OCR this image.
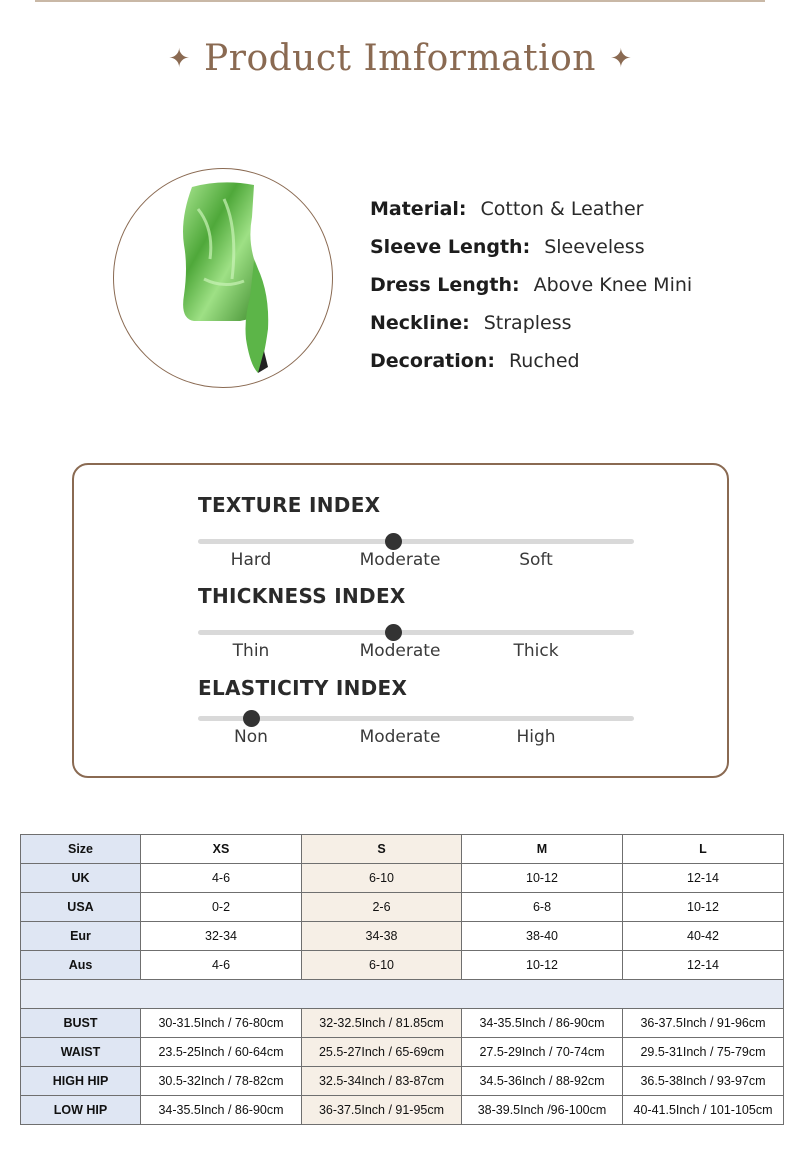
✦ Product Imformation ✦
Material: Cotton & Leather
Sleeve Length: Sleeveless
Dress Length: Above Knee Mini
Neckline: Strapless
Decoration: Ruched
TEXTURE INDEX
Hard	Moderate	Soft
THICKNESS INDEX
Thin	Moderate	Thick
ELASTICITY INDEX
Non	Moderate	High
Size	XS	S	M	L
UK	4-6	6-10	10-12	12-14
USA	0-2	2-6	6-8	10-12
Eur	32-34	34-38	38-40	40-42
Aus	4-6	6-10	10-12	12-14

BUST	30-31.5Inch / 76-80cm	32-32.5Inch / 81.85cm	34-35.5Inch / 86-90cm	36-37.5Inch / 91-96cm
WAIST	23.5-25Inch / 60-64cm	25.5-27Inch / 65-69cm	27.5-29Inch / 70-74cm	29.5-31Inch / 75-79cm
HIGH HIP	30.5-32Inch / 78-82cm	32.5-34Inch / 83-87cm	34.5-36Inch / 88-92cm	36.5-38Inch / 93-97cm
LOW HIP	34-35.5Inch / 86-90cm	36-37.5Inch / 91-95cm	38-39.5Inch /96-100cm	40-41.5Inch / 101-105cm
